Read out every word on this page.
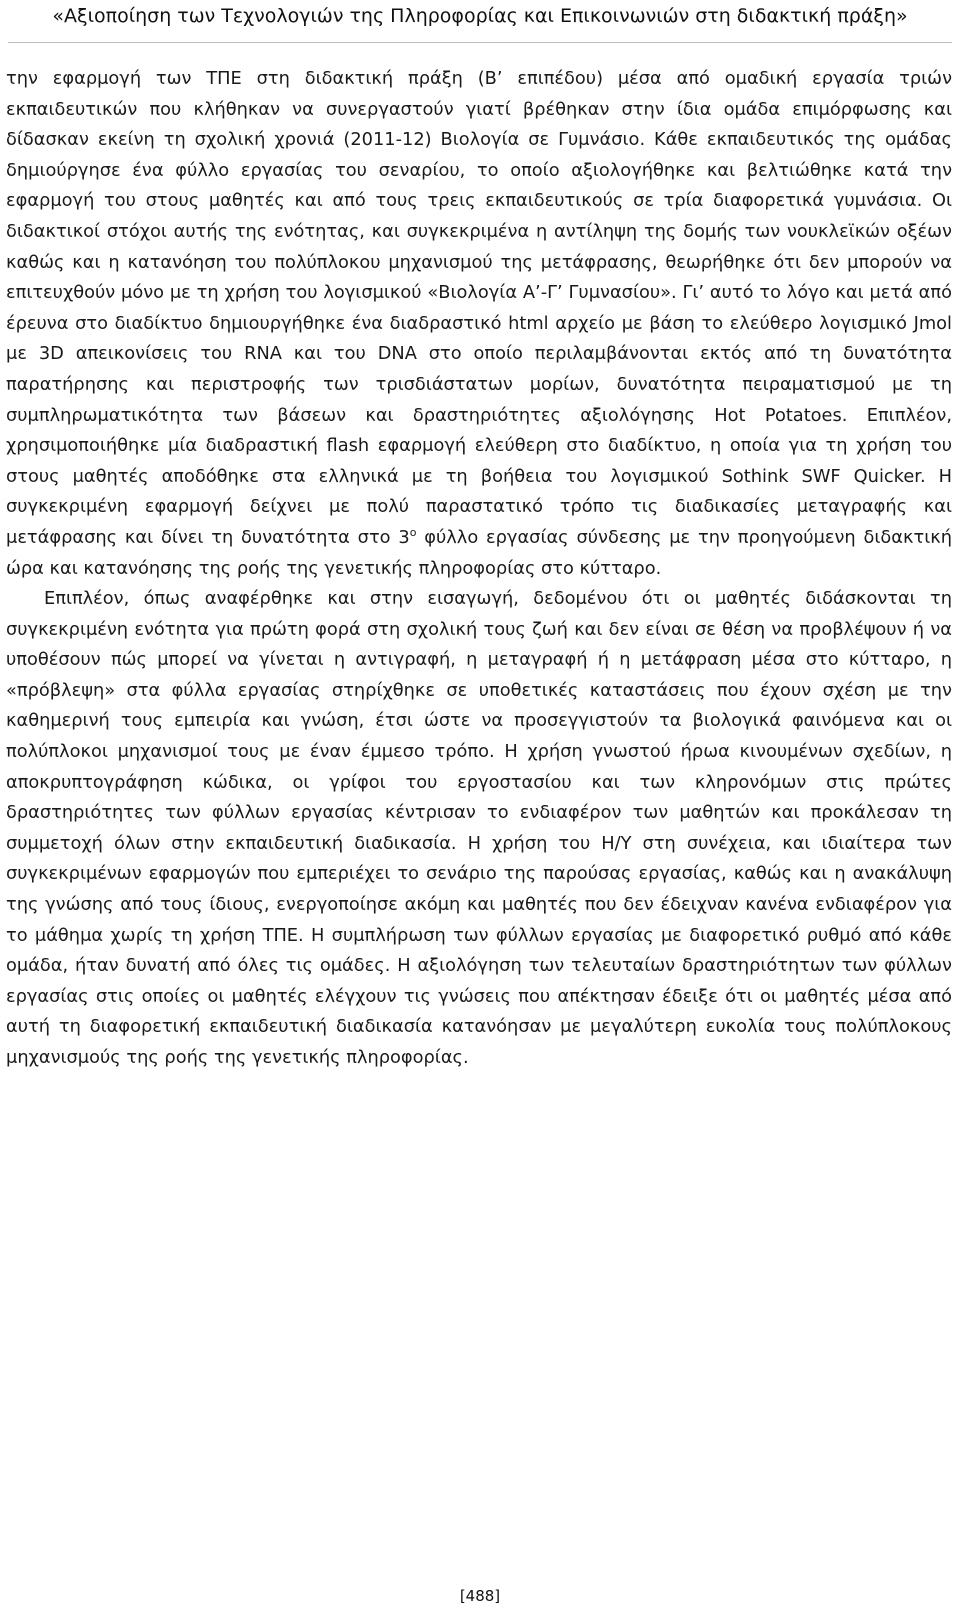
«Αξιοποίηση των Τεχνολογιών της Πληροφορίας και Επικοινωνιών στη διδακτική πράξη»

την εφαρμογή των ΤΠΕ στη διδακτική πράξη (Β’ επιπέδου) μέσα από ομαδική εργασία τριών εκπαιδευτικών που κλήθηκαν να συνεργαστούν γιατί βρέθηκαν στην ίδια ομάδα επιμόρφωσης και δίδασκαν εκείνη τη σχολική χρονιά (2011-12) Βιολογία σε Γυμνάσιο. Κάθε εκπαιδευτικός της ομάδας δημιούργησε ένα φύλλο εργασίας του σεναρίου, το οποίο αξιολογήθηκε και βελτιώθηκε κατά την εφαρμογή του στους μαθητές και από τους τρεις εκπαιδευτικούς σε τρία διαφορετικά γυμνάσια. Οι διδακτικοί στόχοι αυτής της ενότητας, και συγκεκριμένα η αντίληψη της δομής των νουκλεϊκών οξέων καθώς και η κατανόηση του πολύπλοκου μηχανισμού της μετάφρασης, θεωρήθηκε ότι δεν μπορούν να επιτευχθούν μόνο με τη χρήση του λογισμικού «Βιολογία Α’-Γ’ Γυμνασίου». Γι’ αυτό το λόγο και μετά από έρευνα στο διαδίκτυο δημιουργήθηκε ένα διαδραστικό html αρχείο με βάση το ελεύθερο λογισμικό Jmol με 3D απεικονίσεις του RNA και του DNA στο οποίο περιλαμβάνονται εκτός από τη δυνατότητα παρατήρησης και περιστροφής των τρισδιάστατων μορίων, δυνατότητα πειραματισμού με τη συμπληρωματικότητα των βάσεων και δραστηριότητες αξιολόγησης Hot Potatoes. Επιπλέον, χρησιμοποιήθηκε μία διαδραστική flash εφαρμογή ελεύθερη στο διαδίκτυο, η οποία για τη χρήση του στους μαθητές αποδόθηκε στα ελληνικά με τη βοήθεια του λογισμικού Sothink SWF Quicker. Η συγκεκριμένη εφαρμογή δείχνει με πολύ παραστατικό τρόπο τις διαδικασίες μεταγραφής και μετάφρασης και δίνει τη δυνατότητα στο $3^o$ φύλλο εργασίας σύνδεσης με την προηγούμενη διδακτική ώρα και κατανόησης της ροής της γενετικής πληροφορίας στο κύτταρο.

Επιπλέον, όπως αναφέρθηκε και στην εισαγωγή, δεδομένου ότι οι μαθητές διδάσκονται τη συγκεκριμένη ενότητα για πρώτη φορά στη σχολική τους ζωή και δεν είναι σε θέση να προβλέψουν ή να υποθέσουν πώς μπορεί να γίνεται η αντιγραφή, η μεταγραφή ή η μετάφραση μέσα στο κύτταρο, η «πρόβλεψη» στα φύλλα εργασίας στηρίχθηκε σε υποθετικές καταστάσεις που έχουν σχέση με την καθημερινή τους εμπειρία και γνώση, έτσι ώστε να προσεγγιστούν τα βιολογικά φαινόμενα και οι πολύπλοκοι μηχανισμοί τους με έναν έμμεσο τρόπο. Η χρήση γνωστού ήρωα κινουμένων σχεδίων, η αποκρυπτογράφηση κώδικα, οι γρίφοι του εργοστασίου και των κληρονόμων στις πρώτες δραστηριότητες των φύλλων εργασίας κέντρισαν το ενδιαφέρον των μαθητών και προκάλεσαν τη συμμετοχή όλων στην εκπαιδευτική διαδικασία. Η χρήση του Η/Υ στη συνέχεια, και ιδιαίτερα των συγκεκριμένων εφαρμογών που εμπεριέχει το σενάριο της παρούσας εργασίας, καθώς και η ανακάλυψη της γνώσης από τους ίδιους, ενεργοποίησε ακόμη και μαθητές που δεν έδειχναν κανένα ενδιαφέρον για το μάθημα χωρίς τη χρήση ΤΠΕ. Η συμπλήρωση των φύλλων εργασίας με διαφορετικό ρυθμό από κάθε ομάδα, ήταν δυνατή από όλες τις ομάδες. Η αξιολόγηση των τελευταίων δραστηριότητων των φύλλων εργασίας στις οποίες οι μαθητές ελέγχουν τις γνώσεις που απέκτησαν έδειξε ότι οι μαθητές μέσα από αυτή τη διαφορετική εκπαιδευτική διαδικασία κατανόησαν με μεγαλύτερη ευκολία τους πολύπλοκους μηχανισμούς της ροής της γενετικής πληροφορίας.

[488]
